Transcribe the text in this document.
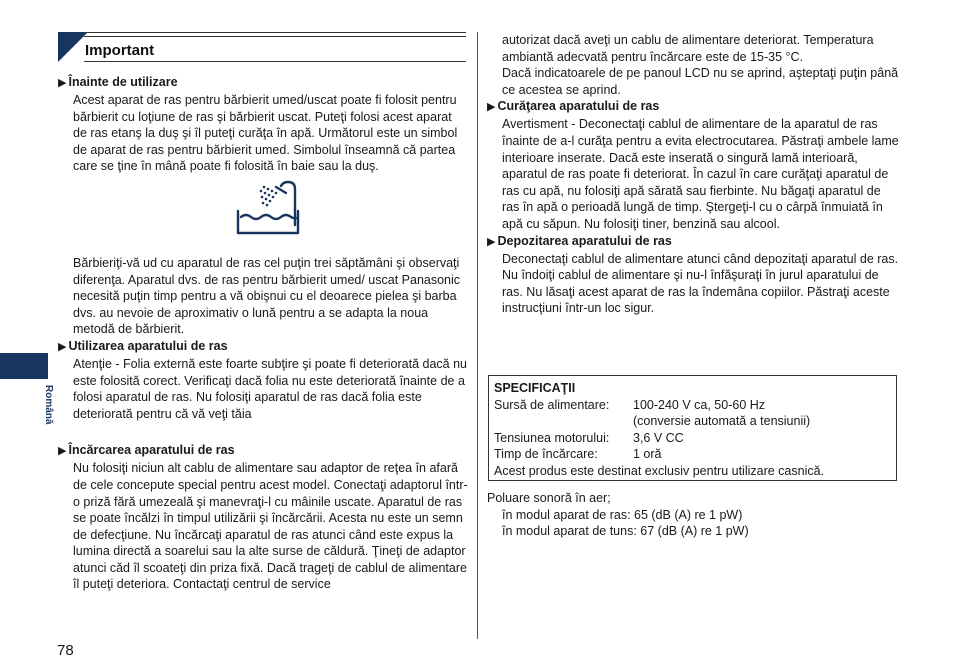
Română
Important
▶ Înainte de utilizare

Acest aparat de ras pentru bărbierit umed/uscat poate fi folosit pentru bărbierit cu loţiune de ras şi bărbierit uscat. Puteţi folosi acest aparat de ras etanş la duş şi îl puteţi curăţa în apă. Următorul este un simbol de aparat de ras pentru bărbierit umed. Simbolul înseamnă că partea care se ţine în mână poate fi folosită în baie sau la duş.

Bărbieriţi-vă ud cu aparatul de ras cel puţin trei săptămâni şi observaţi diferenţa. Aparatul dvs. de ras pentru bărbierit umed/ uscat Panasonic necesită puţin timp pentru a vă obişnui cu el deoarece pielea şi barba dvs. au nevoie de aproximativ o lună pentru a se adapta la noua metodă de bărbierit.

▶ Utilizarea aparatului de ras

Atenţie - Folia externă este foarte subţire şi poate fi deteriorată dacă nu este folosită corect. Verificaţi dacă folia nu este deteriorată înainte de a folosi aparatul de ras. Nu folosiţi aparatul de ras dacă folia este deteriorată pentru că vă veţi tăia

▶ Încărcarea aparatului de ras

Nu folosiţi niciun alt cablu de alimentare sau adaptor de reţea în afară de cele concepute special pentru acest model. Conectaţi adaptorul într-o priză fără umezeală şi manevraţi-l cu mâinile uscate. Aparatul de ras se poate încălzi în timpul utilizării şi încărcării. Acesta nu este un semn de defecţiune. Nu încărcaţi aparatul de ras atunci când este expus la lumina directă a soarelui sau la alte surse de căldură. Ţineţi de adaptor atunci căd îl scoateţi din priza fixă. Dacă trageţi de cablul de alimentare îl puteţi deteriora. Contactaţi centrul de service

autorizat dacă aveţi un cablu de alimentare deteriorat. Temperatura ambiantă adecvată pentru încărcare este de 15-35 °C.

Dacă indicatoarele de pe panoul LCD nu se aprind, aşteptaţi puţin până ce acestea se aprind.

▶ Curăţarea aparatului de ras

Avertisment - Deconectaţi cablul de alimentare de la aparatul de ras înainte de a-l curăţa pentru a evita electrocutarea. Păstraţi ambele lame interioare inserate. Dacă este inserată o singură lamă interioară, aparatul de ras poate fi deteriorat. În cazul în care curăţaţi aparatul de ras cu apă, nu folosiţi apă sărată sau fierbinte. Nu băgaţi aparatul de ras în apă o perioadă lungă de timp. Ştergeţi-l cu o cârpă înmuiată în apă cu săpun. Nu folosiţi tiner, benzină sau alcool.

▶ Depozitarea aparatului de ras

Deconectaţi cablul de alimentare atunci când depozitaţi aparatul de ras. Nu îndoiţi cablul de alimentare şi nu-l înfăşuraţi în jurul aparatului de ras. Nu lăsaţi acest aparat de ras la îndemâna copiilor. Păstraţi aceste instrucţiuni într-un loc sigur.

SPECIFICAŢII
Sursă de alimentare:	100-240 V ca, 50-60 Hz
(conversie automată a tensiunii)
Tensiunea motorului:	3,6 V CC
Timp de încărcare:	1 oră
Acest produs este destinat exclusiv pentru utilizare casnică.

Poluare sonoră în aer;

în modul aparat de ras: 65 (dB (A) re 1 pW)

în modul aparat de tuns: 67 (dB (A) re 1 pW)

78
